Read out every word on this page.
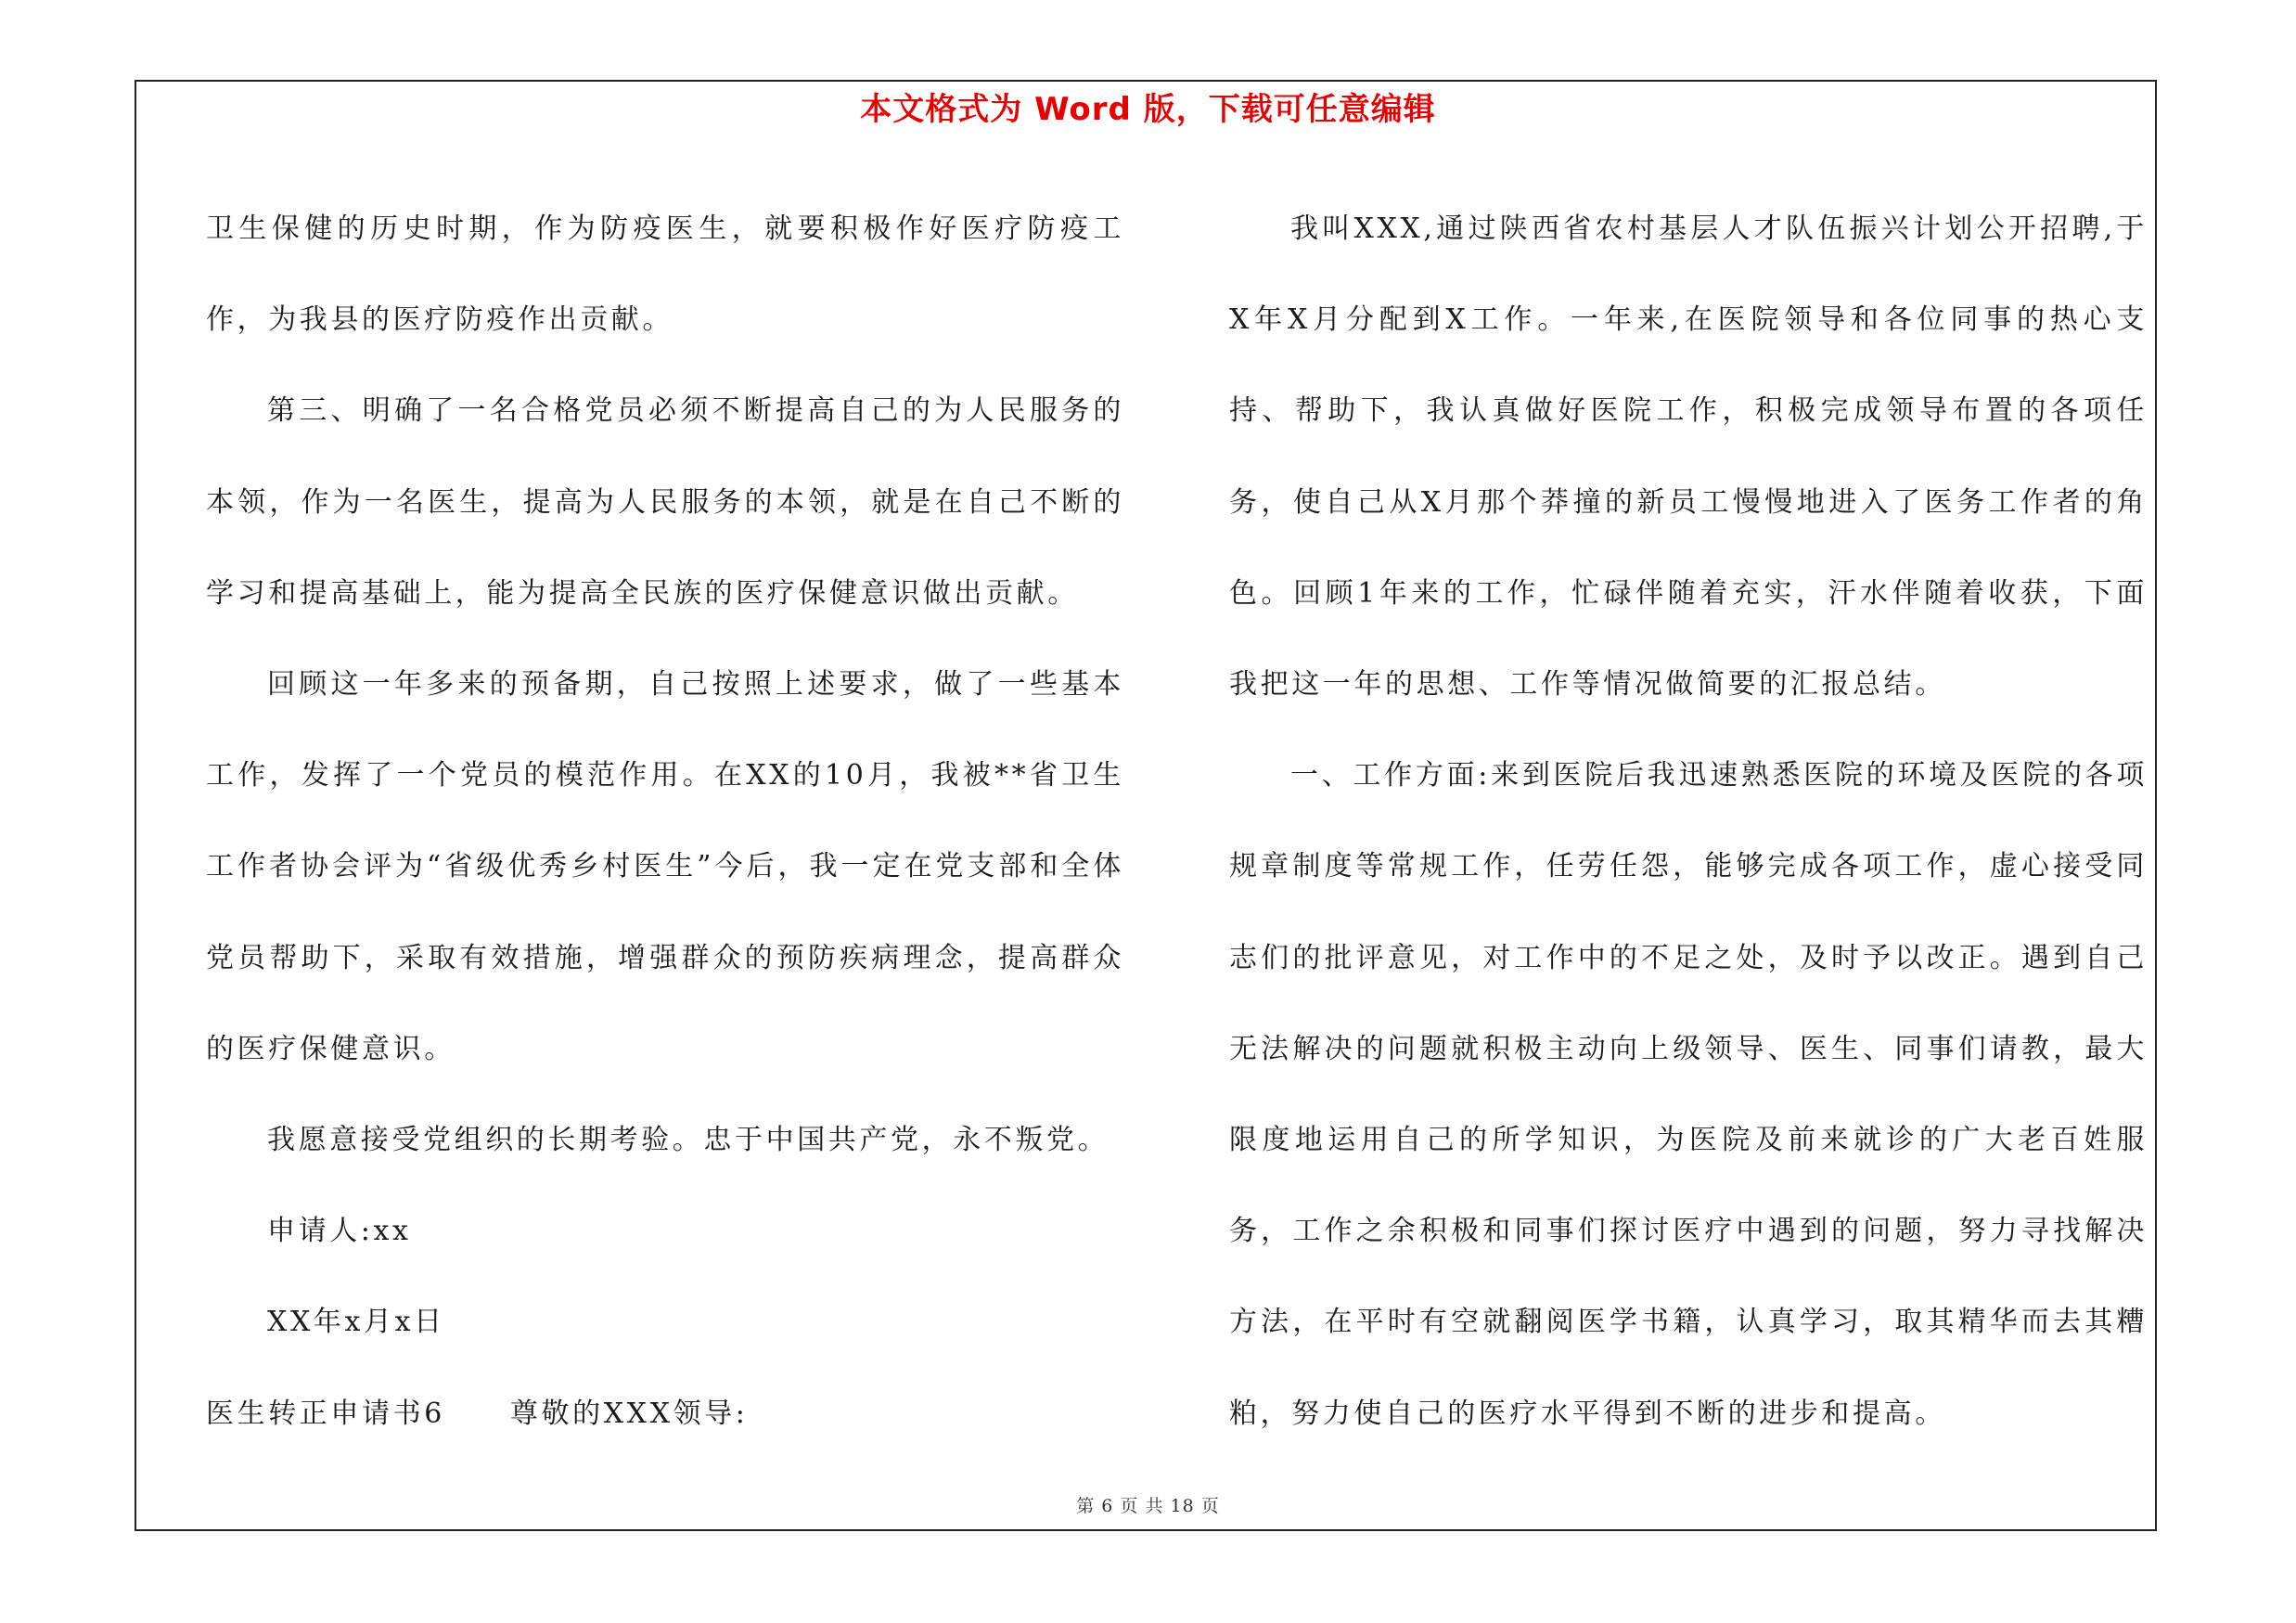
本文格式为 Word 版，下载可任意编辑

卫生保健的历史时期，作为防疫医生，就要积极作好医疗防疫工作，为我县的医疗防疫作出贡献。

第三、明确了一名合格党员必须不断提高自己的为人民服务的本领，作为一名医生，提高为人民服务的本领，就是在自己不断的学习和提高基础上，能为提高全民族的医疗保健意识做出贡献。

回顾这一年多来的预备期，自己按照上述要求，做了一些基本工作，发挥了一个党员的模范作用。在XX的10月，我被**省卫生工作者协会评为“省级优秀乡村医生”今后，我一定在党支部和全体党员帮助下，采取有效措施，增强群众的预防疾病理念，提高群众的医疗保健意识。

我愿意接受党组织的长期考验。忠于中国共产党，永不叛党。

申请人:xx

XX年x月x日

医生转正申请书6 尊敬的XXX领导:

我叫XXX,通过陕西省农村基层人才队伍振兴计划公开招聘,于X年X月分配到X工作。一年来,在医院领导和各位同事的热心支持、帮助下，我认真做好医院工作，积极完成领导布置的各项任务，使自己从X月那个莽撞的新员工慢慢地进入了医务工作者的角色。回顾1年来的工作，忙碌伴随着充实，汗水伴随着收获，下面我把这一年的思想、工作等情况做简要的汇报总结。

一、工作方面:来到医院后我迅速熟悉医院的环境及医院的各项规章制度等常规工作，任劳任怨，能够完成各项工作，虚心接受同志们的批评意见，对工作中的不足之处，及时予以改正。遇到自己无法解决的问题就积极主动向上级领导、医生、同事们请教，最大限度地运用自己的所学知识，为医院及前来就诊的广大老百姓服务，工作之余积极和同事们探讨医疗中遇到的问题，努力寻找解决方法，在平时有空就翻阅医学书籍，认真学习，取其精华而去其糟粕，努力使自己的医疗水平得到不断的进步和提高。

第 6 页 共 18 页
